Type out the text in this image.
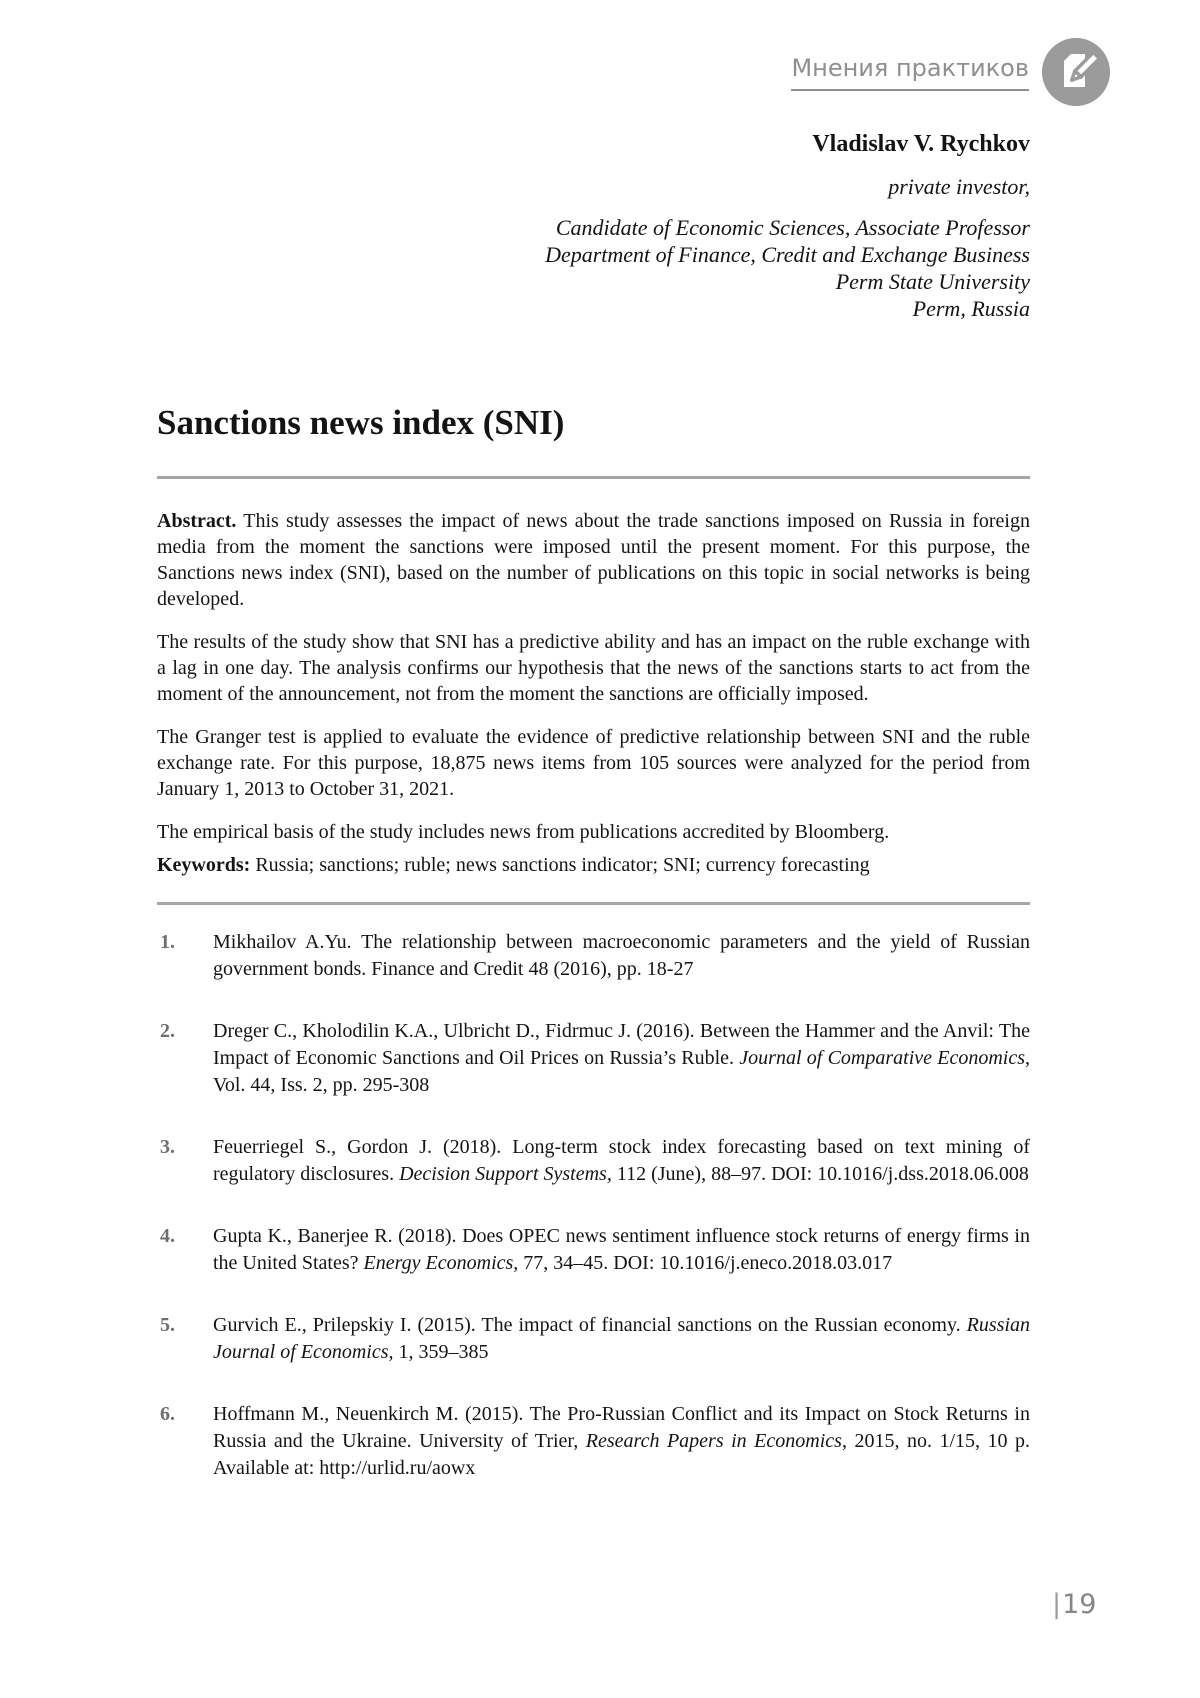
Мнения практиков
Vladislav V. Rychkov
private investor,
Candidate of Economic Sciences, Associate Professor
Department of Finance, Credit and Exchange Business
Perm State University
Perm, Russia
Sanctions news index (SNI)

Abstract. This study assesses the impact of news about the trade sanctions imposed on Russia in foreign media from the moment the sanctions were imposed until the present moment. For this purpose, the Sanctions news index (SNI), based on the number of publications on this topic in social networks is being developed.

The results of the study show that SNI has a predictive ability and has an impact on the ruble exchange with a lag in one day. The analysis confirms our hypothesis that the news of the sanctions starts to act from the moment of the announcement, not from the moment the sanctions are officially imposed.

The Granger test is applied to evaluate the evidence of predictive relationship between SNI and the ruble exchange rate. For this purpose, 18,875 news items from 105 sources were analyzed for the period from January 1, 2013 to October 31, 2021.

The empirical basis of the study includes news from publications accredited by Bloomberg.

Keywords: Russia; sanctions; ruble; news sanctions indicator; SNI; currency forecasting

1.	Mikhailov A.Yu. The relationship between macroeconomic parameters and the yield of Russian government bonds. Finance and Credit 48 (2016), pp. 18-27
2.	Dreger C., Kholodilin K.A., Ulbricht D., Fidrmuc J. (2016). Between the Hammer and the Anvil: The Impact of Economic Sanctions and Oil Prices on Russia’s Ruble. Journal of Comparative Economics, Vol. 44, Iss. 2, pp. 295-308
3.	Feuerriegel S., Gordon J. (2018). Long-term stock index forecasting based on text mining of regulatory disclosures. Decision Support Systems, 112 (June), 88–97. DOI: 10.1016/j.dss.2018.06.008
4.	Gupta K., Banerjee R. (2018). Does OPEC news sentiment influence stock returns of energy firms in the United States? Energy Economics, 77, 34–45. DOI: 10.1016/j.eneco.2018.03.017
5.	Gurvich E., Prilepskiy I. (2015). The impact of financial sanctions on the Russian economy. Russian Journal of Economics, 1, 359–385
6.	Hoffmann M., Neuenkirch M. (2015). The Pro-Russian Conflict and its Impact on Stock Returns in Russia and the Ukraine. University of Trier, Research Papers in Economics, 2015, no. 1/15, 10 p. Available at: http://urlid.ru/aowx
|19
